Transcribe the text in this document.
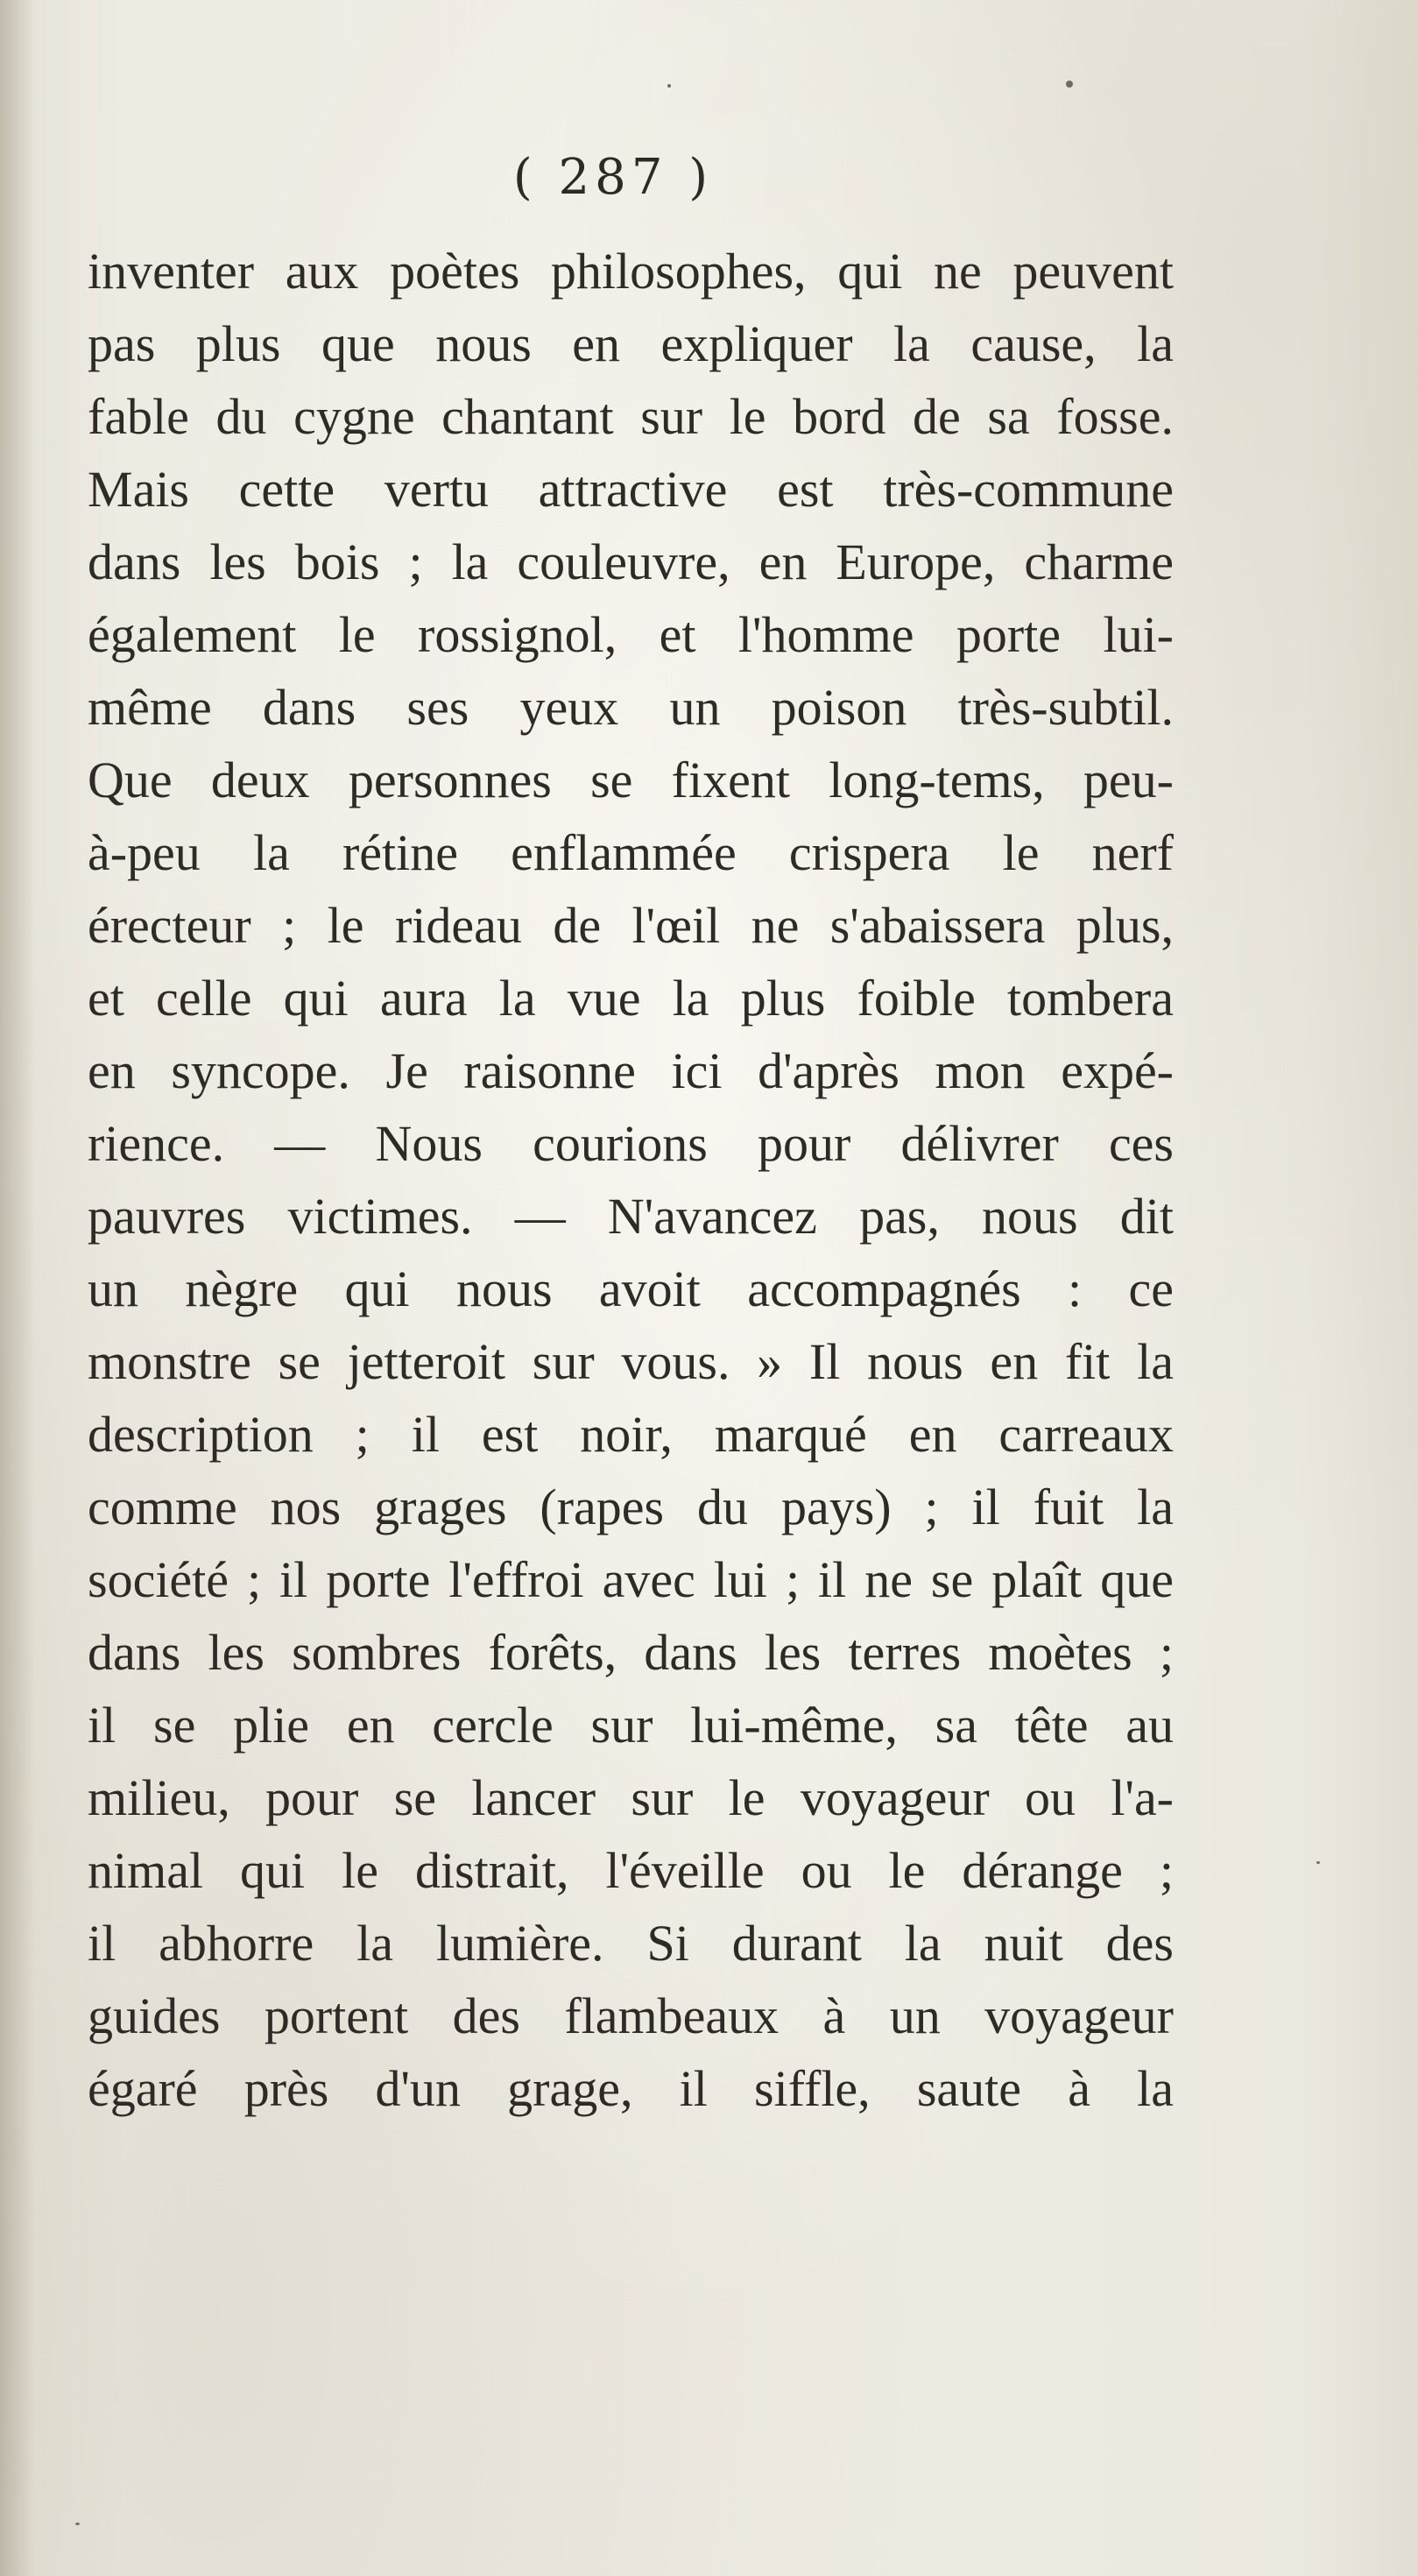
( 287 )
inventer aux poètes philosophes, qui ne peuvent
pas plus que nous en expliquer la cause, la
fable du cygne chantant sur le bord de sa fosse.
Mais cette vertu attractive est très-commune
dans les bois ; la couleuvre, en Europe, charme
également le rossignol, et l'homme porte lui-
même dans ses yeux un poison très-subtil.
Que deux personnes se fixent long-tems, peu-
à-peu la rétine enflammée crispera le nerf
érecteur ; le rideau de l'œil ne s'abaissera plus,
et celle qui aura la vue la plus foible tombera
en syncope. Je raisonne ici d'après mon expé-
rience. — Nous courions pour délivrer ces
pauvres victimes. — N'avancez pas, nous dit
un nègre qui nous avoit accompagnés : ce
monstre se jetteroit sur vous. » Il nous en fit la
description ; il est noir, marqué en carreaux
comme nos grages (rapes du pays) ; il fuit la
société ; il porte l'effroi avec lui ; il ne se plaît que
dans les sombres forêts, dans les terres moètes ;
il se plie en cercle sur lui-même, sa tête au
milieu, pour se lancer sur le voyageur ou l'a-
nimal qui le distrait, l'éveille ou le dérange ;
il abhorre la lumière. Si durant la nuit des
guides portent des flambeaux à un voyageur
égaré près d'un grage, il siffle, saute à la
